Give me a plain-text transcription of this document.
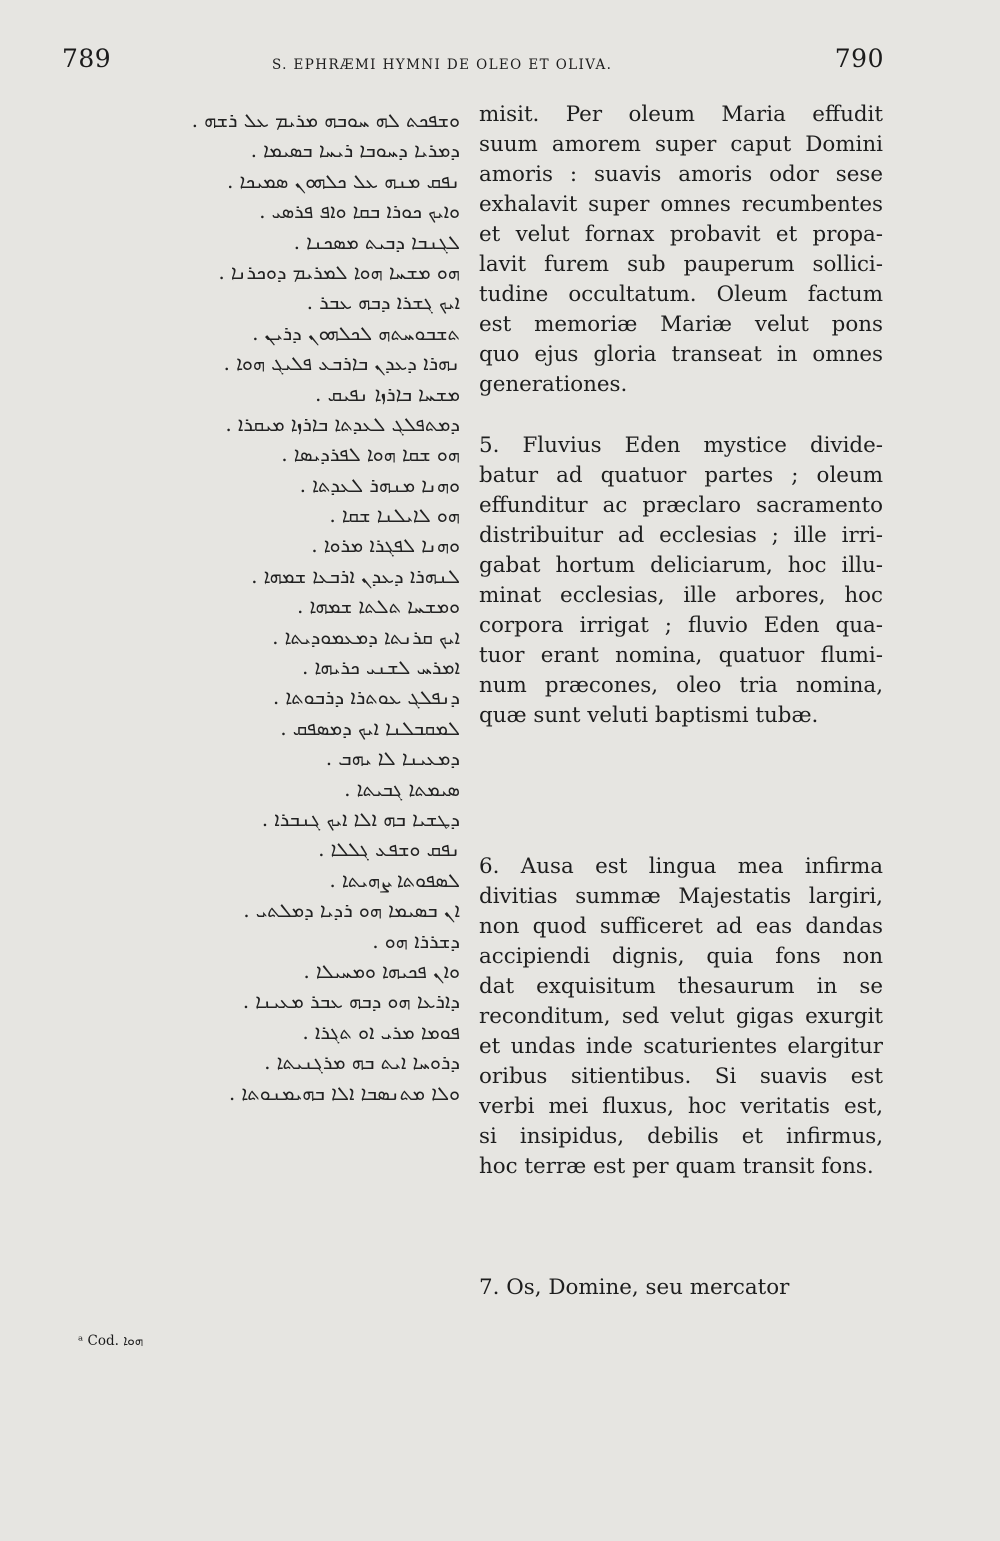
789	S. EPHRÆMI HYMNI DE OLEO ET OLIVA.	790
ܘܫܦܟܬ ܠܗ ܚܘܒܗ ܡܪܝܡ ܥܠ ܪܫܗ .
ܕܡܪܝܐ ܕܚܘܒܐ ܪܝܚܐ ܒܣܝܡܐ .
ܢܦܩ ܡܢܗ ܥܠ ܟܠܗܘܢ ܣܡܝܟܐ .
ܘܐܝܟ ܟܘܪܐ ܒܩܐ ܘܐܦ ܦܪܣܝ .
ܠܓܢܒܐ ܕܒܝܬ ܡܣܟܢܐ .
ܗܘ ܡܫܚܐ ܗܘܐ ܠܡܪܝܡ ܕܘܟܪܢܐ .
ܐܝܟ ܓܫܪܐ ܕܒܗ ܥܒܪ .
ܬܫܒܘܚܬܗ ܠܟܠܗܘܢ ܕܪܝܢ .
ܢܗܪܐ ܕܥܕܢ ܒܐܪܒܥ ܦܠܝܓ ܗܘܐ .
ܡܫܚܐ ܒܐܪܙܐ ܢܦܝܩ .
ܕܡܬܦܠܓ ܠܥܕܬܐ ܒܐܪܙܐ ܡܝܩܪܐ .
ܗܘ ܫܩܐ ܗܘܐ ܠܦܪܕܝܣܐ .
ܘܗܢܐ ܡܢܗܪ ܠܥܕܬܐ .
ܗܘ ܠܐܝܠܢܐ ܫܩܐ .
ܘܗܢܐ ܠܦܓܪܐ ܡܪܘܐ .
ܠܢܗܪܐ ܕܥܕܢ ܐܪܒܥܐ ܫܡܗܐ .
ܘܡܫܚܐ ܬܠܬܐ ܫܡܗܐ .
ܐܝܟ ܩܪܢܬܐ ܕܡܥܡܘܕܝܬܐ .
ܐܡܪܚ ܠܫܢܝ ܟܪܝܗܐ .
ܕܢܦܠܓ ܥܘܬܪܐ ܕܪܒܘܬܐ .
ܠܡܩܒܠܢܐ ܐܝܟ ܕܡܣܦܩ .
ܕܡܥܝܢܐ ܠܐ ܝܗܒ .
ܣܝܡܬܐ ܓܒܝܬܐ .
ܕܛܫܝܐ ܒܗ ܐܠܐ ܐܝܟ ܓܢܒܪܐ .
ܢܦܩ ܘܫܦܥ ܓܠܠܐ .
ܠܣܦܘܬܐ ܨܗܝܬܐ .
ܐܢ ܒܣܝܡܐ ܗܘ ܪܕܝܐ ܕܡܠܬܝ .
ܕܫܪܪܐ ܗܘ .
ܘܐܢ ܦܟܝܗܐ ܘܡܚܝܠܐ .
ܕܐܪܥܐ ܗܘ ܕܒܗ ܥܒܪ ܡܥܝܢܐ .
ܦܘܡܐ ܡܪܝ ܐܘ ܬܓܪܐ .
ܕܪܘܚܐ ܐܝܬ ܒܗ ܡܪܓܢܝܬܐ .
ܘܠܐ ܡܬܢܣܒܐ ܐܠܐ ܒܗܝܡܢܘܬܐ .
ᵃ Cod. ܗܘܐ
misit. Per oleum Maria effudit
suum amorem super caput Domini
amoris : suavis amoris odor sese
exhalavit super omnes recumbentes
et velut fornax probavit et propa-
lavit furem sub pauperum sollici-
tudine occultatum. Oleum factum
est memoriæ Mariæ velut pons
quo ejus gloria transeat in omnes
generationes.
5. Fluvius Eden mystice divide-
batur ad quatuor partes ; oleum
effunditur ac præclaro sacramento
distribuitur ad ecclesias ; ille irri-
gabat hortum deliciarum, hoc illu-
minat ecclesias, ille arbores, hoc
corpora irrigat ; fluvio Eden qua-
tuor erant nomina, quatuor flumi-
num præcones, oleo tria nomina,
quæ sunt veluti baptismi tubæ.
6. Ausa est lingua mea infirma
divitias summæ Majestatis largiri,
non quod sufficeret ad eas dandas
accipiendi dignis, quia fons non
dat exquisitum thesaurum in se
reconditum, sed velut gigas exurgit
et undas inde scaturientes elargitur
oribus sitientibus. Si suavis est
verbi mei fluxus, hoc veritatis est,
si insipidus, debilis et infirmus,
hoc terræ est per quam transit fons.
7. Os, Domine, seu mercator
